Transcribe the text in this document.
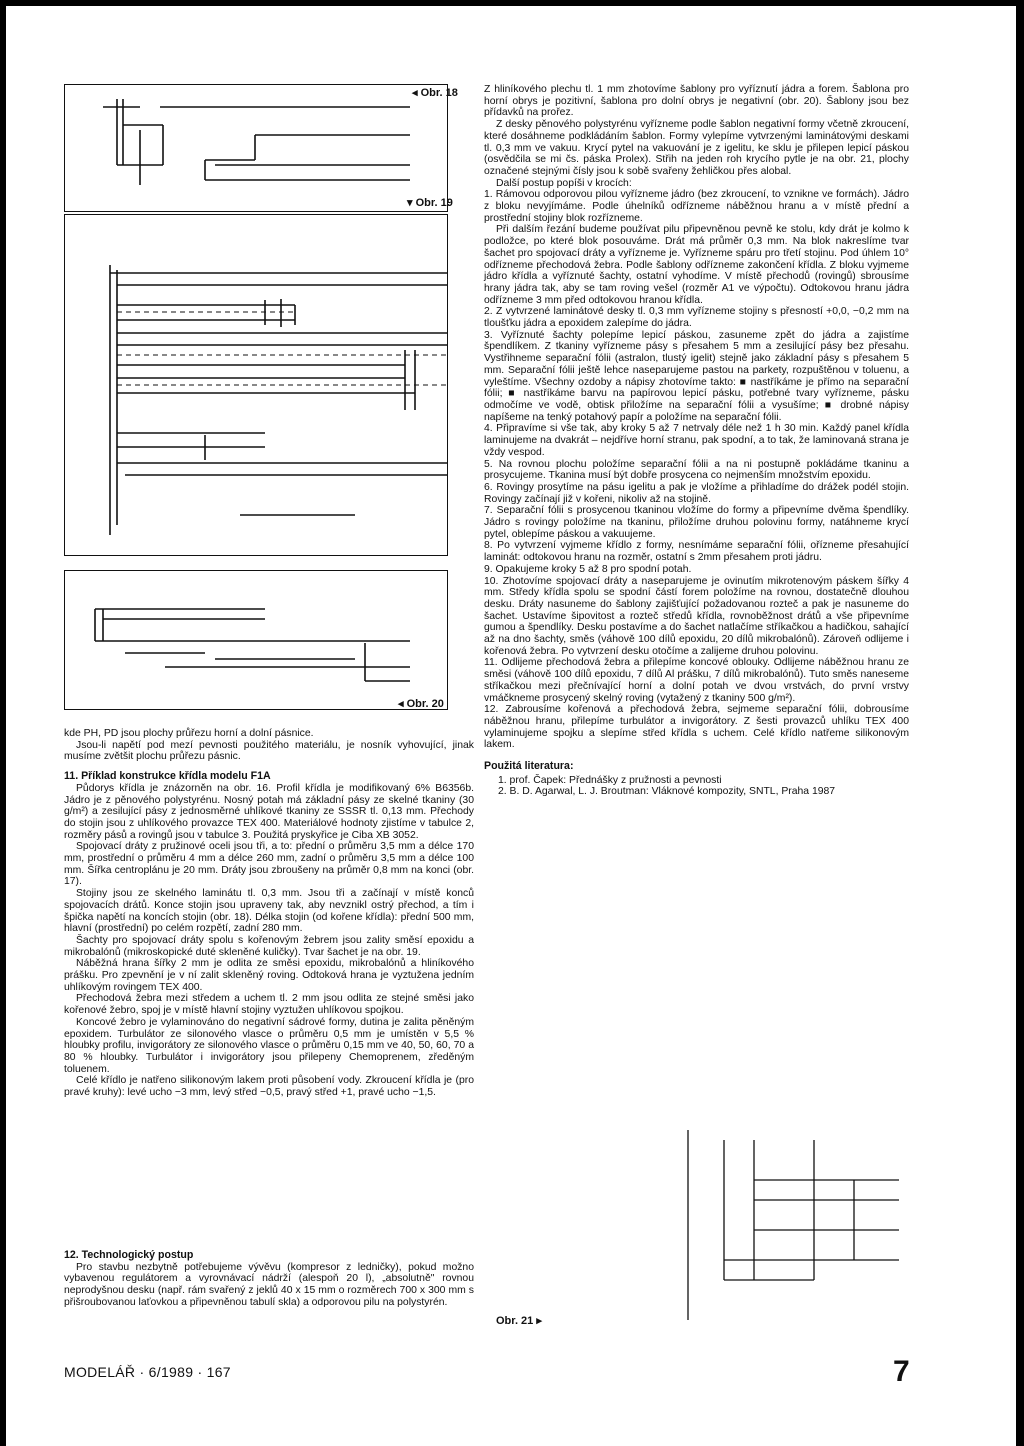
◂ Obr. 18
▾ Obr. 19
◂ Obr. 20

kde PH, PD jsou plochy průřezu horní a dolní pásnice.

Jsou-li napětí pod mezí pevnosti použitého materiálu, je nosník vyhovující, jinak musíme zvětšit plochu průřezu pásnic.

11. Příklad konstrukce křídla modelu F1A

Půdorys křídla je znázorněn na obr. 16. Profil křídla je modifikovaný 6% B6356b. Jádro je z pěnového polystyrénu. Nosný potah má základní pásy ze skelné tkaniny (30 g/m²) a zesilující pásy z jednosměrné uhlíkové tkaniny ze SSSR tl. 0,13 mm. Přechody do stojin jsou z uhlíkového provazce TEX 400. Materiálové hodnoty zjistíme v tabulce 2, rozměry pásů a rovingů jsou v tabulce 3. Použitá pryskyřice je Ciba XB 3052.

Spojovací dráty z pružinové oceli jsou tři, a to: přední o průměru 3,5 mm a délce 170 mm, prostřední o průměru 4 mm a délce 260 mm, zadní o průměru 3,5 mm a délce 100 mm. Šířka centroplánu je 20 mm. Dráty jsou zbroušeny na průměr 0,8 mm na konci (obr. 17).

Stojiny jsou ze skelného laminátu tl. 0,3 mm. Jsou tři a začínají v místě konců spojovacích drátů. Konce stojin jsou upraveny tak, aby nevznikl ostrý přechod, a tím i špička napětí na koncích stojin (obr. 18). Délka stojin (od kořene křídla): přední 500 mm, hlavní (prostřední) po celém rozpětí, zadní 280 mm.

Šachty pro spojovací dráty spolu s kořenovým žebrem jsou zality směsí epoxidu a mikrobalónů (mikroskopické duté skleněné kuličky). Tvar šachet je na obr. 19.

Náběžná hrana šířky 2 mm je odlita ze směsi epoxidu, mikrobalónů a hliníkového prášku. Pro zpevnění je v ní zalit skleněný roving. Odtoková hrana je vyztužena jedním uhlíkovým rovingem TEX 400.

Přechodová žebra mezi středem a uchem tl. 2 mm jsou odlita ze stejné směsi jako kořenové žebro, spoj je v místě hlavní stojiny vyztužen uhlíkovou spojkou.

Koncové žebro je vylaminováno do negativní sádrové formy, dutina je zalita pěněným epoxidem. Turbulátor ze silonového vlasce o průměru 0,5 mm je umístěn v 5,5 % hloubky profilu, invigorátory ze silonového vlasce o průměru 0,15 mm ve 40, 50, 60, 70 a 80 % hloubky. Turbulátor i invigorátory jsou přilepeny Chemoprenem, zředěným toluenem.

Celé křídlo je natřeno silikonovým lakem proti působení vody. Zkroucení křídla je (pro pravé kruhy): levé ucho −3 mm, levý střed −0,5, pravý střed +1, pravé ucho −1,5.

12. Technologický postup

Pro stavbu nezbytně potřebujeme vývěvu (kompresor z ledničky), pokud možno vybavenou regulátorem a vyrovnávací nádrží (alespoň 20 l), „absolutně" rovnou neprodyšnou desku (např. rám svařený z jeklů 40 x 15 mm o rozměrech 700 x 300 mm s přišroubovanou laťovkou a připevněnou tabulí skla) a odporovou pilu na polystyrén.

Z hliníkového plechu tl. 1 mm zhotovíme šablony pro vyříznutí jádra a forem. Šablona pro horní obrys je pozitivní, šablona pro dolní obrys je negativní (obr. 20). Šablony jsou bez přídavků na prořez.

Z desky pěnového polystyrénu vyřízneme podle šablon negativní formy včetně zkroucení, které dosáhneme podkládáním šablon. Formy vylepíme vytvrzenými laminátovými deskami tl. 0,3 mm ve vakuu. Krycí pytel na vakuování je z igelitu, ke sklu je přilepen lepicí páskou (osvědčila se mi čs. páska Prolex). Střih na jeden roh krycího pytle je na obr. 21, plochy označené stejnými čísly jsou k sobě svařeny žehličkou přes alobal.

Další postup popíši v krocích:

1. Rámovou odporovou pilou vyřízneme jádro (bez zkroucení, to vznikne ve formách). Jádro z bloku nevyjímáme. Podle úhelníků odřízneme náběžnou hranu a v místě přední a prostřední stojiny blok rozřízneme.

Při dalším řezání budeme používat pilu připevněnou pevně ke stolu, kdy drát je kolmo k podložce, po které blok posouváme. Drát má průměr 0,3 mm. Na blok nakreslíme tvar šachet pro spojovací dráty a vyřízneme je. Vyřízneme spáru pro třetí stojinu. Pod úhlem 10° odřízneme přechodová žebra. Podle šablony odřízneme zakončení křídla. Z bloku vyjmeme jádro křídla a vyříznuté šachty, ostatní vyhodíme. V místě přechodů (rovingů) sbrousíme hrany jádra tak, aby se tam roving vešel (rozměr A1 ve výpočtu). Odtokovou hranu jádra odřízneme 3 mm před odtokovou hranou křídla.

2. Z vytvrzené laminátové desky tl. 0,3 mm vyřízneme stojiny s přesností +0,0, −0,2 mm na tloušťku jádra a epoxidem zalepíme do jádra.

3. Vyříznuté šachty polepíme lepicí páskou, zasuneme zpět do jádra a zajistíme špendlíkem. Z tkaniny vyřízneme pásy s přesahem 5 mm a zesilující pásy bez přesahu. Vystřihneme separační fólii (astralon, tlustý igelit) stejně jako základní pásy s přesahem 5 mm. Separační fólii ještě lehce naseparujeme pastou na parkety, rozpuštěnou v toluenu, a vyleštíme. Všechny ozdoby a nápisy zhotovíme takto: ■ nastříkáme je přímo na separační fólii; ■ nastříkáme barvu na papírovou lepicí pásku, potřebné tvary vyřízneme, pásku odmočíme ve vodě, obtisk přiložíme na separační fólii a vysušíme; ■ drobné nápisy napíšeme na tenký potahový papír a položíme na separační fólii.

4. Připravíme si vše tak, aby kroky 5 až 7 netrvaly déle než 1 h 30 min. Každý panel křídla laminujeme na dvakrát – nejdříve horní stranu, pak spodní, a to tak, že laminovaná strana je vždy vespod.

5. Na rovnou plochu položíme separační fólii a na ni postupně pokládáme tkaninu a prosycujeme. Tkanina musí být dobře prosycena co nejmenším množstvím epoxidu.

6. Rovingy prosytíme na pásu igelitu a pak je vložíme a přihladíme do drážek podél stojin. Rovingy začínají již v kořeni, nikoliv až na stojině.

7. Separační fólii s prosycenou tkaninou vložíme do formy a připevníme dvěma špendlíky. Jádro s rovingy položíme na tkaninu, přiložíme druhou polovinu formy, natáhneme krycí pytel, oblepíme páskou a vakuujeme.

8. Po vytvrzení vyjmeme křídlo z formy, nesnímáme separační fólii, ořízneme přesahující laminát: odtokovou hranu na rozměr, ostatní s 2mm přesahem proti jádru.

9. Opakujeme kroky 5 až 8 pro spodní potah.

10. Zhotovíme spojovací dráty a naseparujeme je ovinutím mikrotenovým páskem šířky 4 mm. Středy křídla spolu se spodní částí forem položíme na rovnou, dostatečně dlouhou desku. Dráty nasuneme do šablony zajišťující požadovanou rozteč a pak je nasuneme do šachet. Ustavíme šipovitost a rozteč středů křídla, rovnoběžnost drátů a vše připevníme gumou a špendlíky. Desku postavíme a do šachet natlačíme stříkačkou a hadičkou, sahající až na dno šachty, směs (váhově 100 dílů epoxidu, 20 dílů mikrobalónů). Zároveň odlijeme i kořenová žebra. Po vytvrzení desku otočíme a zalijeme druhou polovinu.

11. Odlijeme přechodová žebra a přilepíme koncové oblouky. Odlijeme náběžnou hranu ze směsi (váhově 100 dílů epoxidu, 7 dílů Al prášku, 7 dílů mikrobalónů). Tuto směs naneseme stříkačkou mezi přečnívající horní a dolní potah ve dvou vrstvách, do první vrstvy vmáčkneme prosycený skelný roving (vytažený z tkaniny 500 g/m²).

12. Zabrousíme kořenová a přechodová žebra, sejmeme separační fólii, dobrousíme náběžnou hranu, přilepíme turbulátor a invigorátory. Z šesti provazců uhlíku TEX 400 vylaminujeme spojku a slepíme střed křídla s uchem. Celé křídlo natřeme silikonovým lakem.

Použitá literatura:

1. prof. Čapek: Přednášky z pružnosti a pevnosti

2. B. D. Agarwal, L. J. Broutman: Vláknové kompozity, SNTL, Praha 1987

Obr. 21 ▸
MODELÁŘ · 6/1989 · 167	7
